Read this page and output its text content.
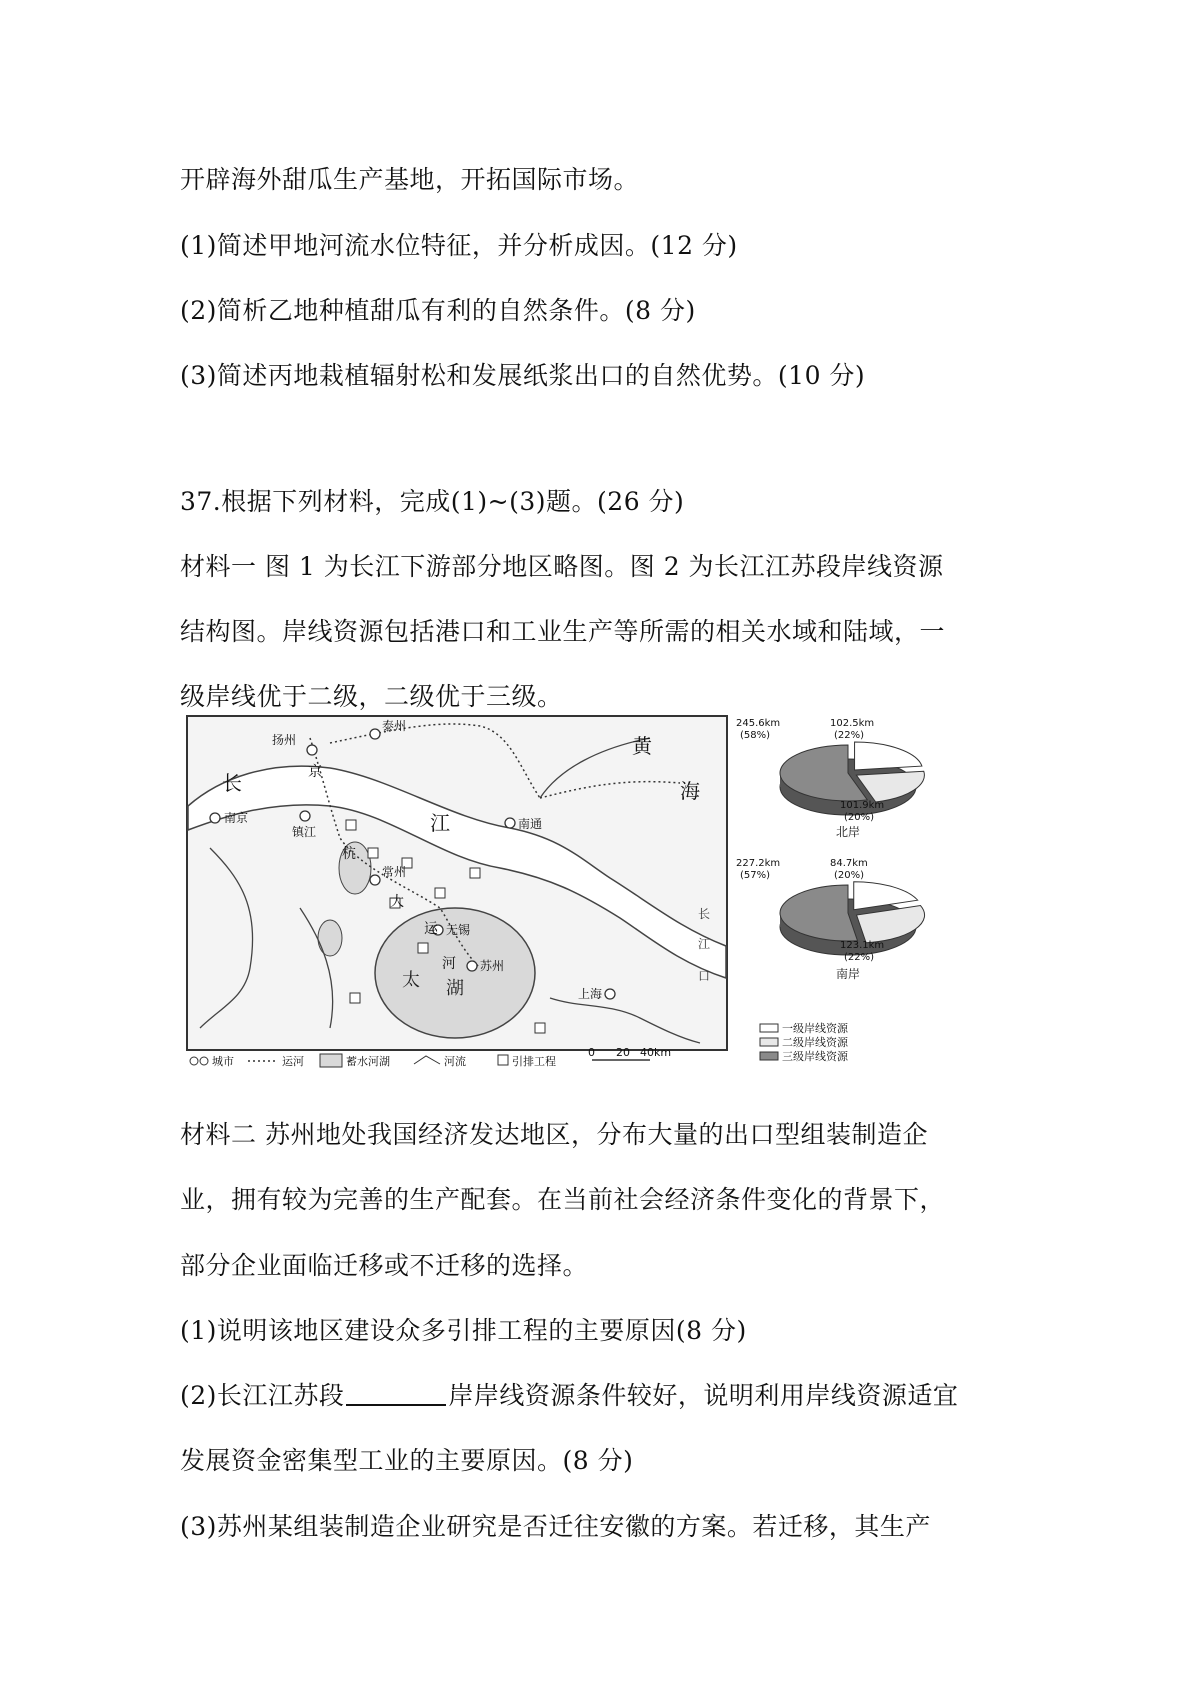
开辟海外甜瓜生产基地，开拓国际市场。
(1)简述甲地河流水位特征，并分析成因。(12 分)
(2)简析乙地种植甜瓜有利的自然条件。(8 分)
(3)简述丙地栽植辐射松和发展纸浆出口的自然优势。(10 分)
37.根据下列材料，完成(1)~(3)题。(26 分)
材料一 图 1 为长江下游部分地区略图。图 2 为长江江苏段岸线资源
结构图。岸线资源包括港口和工业生产等所需的相关水域和陆域，一
级岸线优于二级，二级优于三级。
扬州
泰州
南京
镇江
南通
常州
无锡
苏州
上海
长
江
黄
海
京
杭
大
运
河
太 湖
长
江
口
城市	运河	蓄水河湖	河流	引排工程
0 20 40km
102.5km
(22%)
101.9km
(20%)
245.6km
(58%)
北岸
84.7km
(20%)
123.1km
(22%)
227.2km
(57%)
南岸
一级岸线资源
二级岸线资源
三级岸线资源
材料二 苏州地处我国经济发达地区，分布大量的出口型组装制造企
业，拥有较为完善的生产配套。在当前社会经济条件变化的背景下，
部分企业面临迁移或不迁移的选择。
(1)说明该地区建设众多引排工程的主要原因(8 分)
(2)长江江苏段	岸岸线资源条件较好，说明利用岸线资源适宜
发展资金密集型工业的主要原因。(8 分)
(3)苏州某组装制造企业研究是否迁往安徽的方案。若迁移，其生产
